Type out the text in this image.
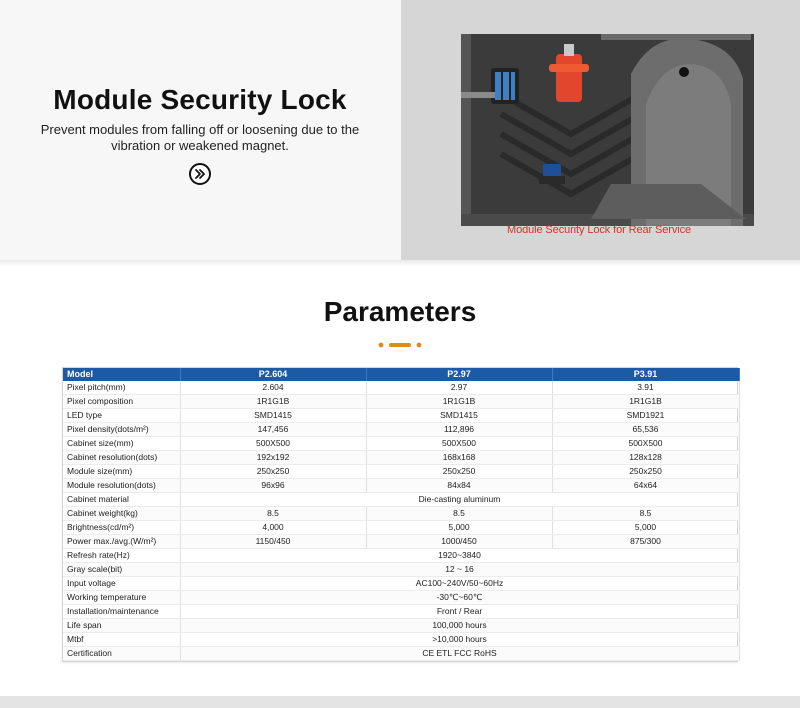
Module Security Lock

Prevent modules from falling off or loosening due to the vibration or weakened magnet.

Module Security Lock for Rear Service
Parameters
Model	P2.604	P2.97	P3.91
Pixel pitch(mm)	2.604	2.97	3.91
Pixel composition	1R1G1B	1R1G1B	1R1G1B
LED type	SMD1415	SMD1415	SMD1921
Pixel density(dots/m²)	147,456	112,896	65,536
Cabinet size(mm)	500X500	500X500	500X500
Cabinet resolution(dots)	192x192	168x168	128x128
Module size(mm)	250x250	250x250	250x250
Module resolution(dots)	96x96	84x84	64x64
Cabinet material	Die-casting aluminum		
Cabinet weight(kg)	8.5	8.5	8.5
Brightness(cd/m²)	4,000	5,000	5,000
Power max./avg.(W/m²)	1150/450	1000/450	875/300
Refresh rate(Hz)	1920~3840		
Gray scale(bit)	12 ~ 16		
Input voltage	AC100~240V/50~60Hz		
Working temperature	-30℃~60℃		
Installation/maintenance	Front / Rear		
Life span	100,000 hours		
Mtbf	>10,000 hours		
Certification	CE ETL FCC RoHS		
